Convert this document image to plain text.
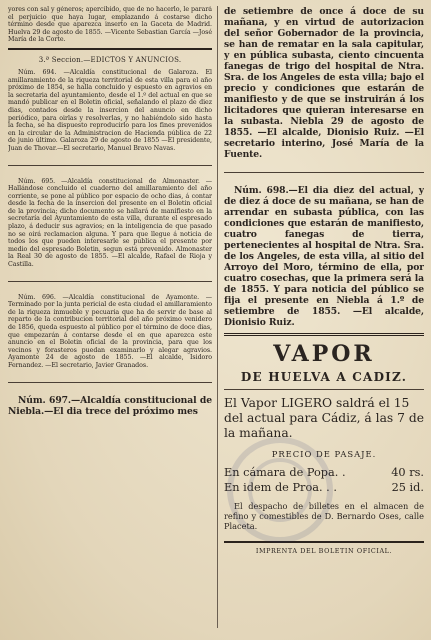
yores con sal y géneros; apercibido, que de no hacerlo, le parará el perjuicio que haya lugar, emplazando á costarse dicho término desde que aparezca inserto en la Gaceta de Madrid. Huelva 29 de agosto de 1855. —Vicente Sebastian García —José María de la Corte.

3.ª Seccion.—EDICTOS Y ANUNCIOS.

Núm. 694. —Alcaldía constitucional de Galaroza. El amillaramiento de la riqueza territorial de esta villa para el año próximo de 1854, se halla concluido y espuesto en agravios en la secretaria del ayuntamiento, desde el 1.º del actual en que se mandó publicar en el Boletin oficial, señalando el plazo de diez dias, contados desde la insercion del anuncio en dicho periódico, para oirlas y resolverlas, y no habiéndolo sido hasta la fecha, se ha dispuesto reproducirlo para los fines prevenidos en la circular de la Administracion de Hacienda pública de 22 de junio último. Galaroza 29 de agosto de 1855 —El presidente, Juan de Thovar.—El secretario, Manuel Bravo Navas.

Núm. 695. —Alcaldía constitucional de Almonaster. —Hallándose concluido el cuaderno del amillaramiento del año corriente, se pone al público por espacio de ocho dias, á contar desde la fecha de la insercion del presente en el Boletin oficial de la provincia; dicho documento se hallará de manifiesto en la secretaría del Ayuntamiento de esta villa, durante el espresado plazo, á deducir sus agravios; en la inteligencia de que pasado no se oirá reclamacion alguna. Y para que llegue á noticia de todos los que pueden interesarle se publica el presente por medio del espresado Boletin, segun está prevenido. Almonaster la Real 30 de agosto de 1855. —El alcalde, Rafael de Rioja y Castilla.

Núm. 696. —Alcaldía constitucional de Ayamonte. —Terminado por la junta pericial de esta ciudad el amillaramiento de la riqueza inmueble y pecuaria que ha de servir de base al reparto de la contribucion territorial del año próximo venidero de 1856, queda espuesto al público por el término de doce dias, que empezarán á contarse desde el en que aparezca este anuncio en el Boletin oficial de la provincia, para que los vecinos y forasteros puedan examinarlo y alegar agravios. Ayamonte 24 de agosto de 1855. —El alcalde, Isidoro Fernandez. —El secretario, Javier Granados.

Núm. 697.—Alcaldía constitucional de Niebla.—El dia trece del próximo mes

de setiembre de once á doce de su mañana, y en virtud de autorizacion del señor Gobernador de la provincia, se han de rematar en la sala capitular, y en pública subasta, ciento cincuenta fanegas de trigo del hospital de Ntra. Sra. de los Angeles de esta villa; bajo el precio y condiciones que estarán de manifiesto y de que se instruirán á los licitadores que quieran interesarse en la subasta. Niebla 29 de agosto de 1855. —El alcalde, Dionisio Ruiz. —El secretario interino, José María de la Fuente.

Núm. 698.—El dia diez del actual, y de diez á doce de su mañana, se han de arrendar en subasta pública, con las condiciones que estarán de manifiesto, cuatro fanegas de tierra, pertenecientes al hospital de Ntra. Sra. de los Angeles, de esta villa, al sitio del Arroyo del Moro, término de ella, por cuatro cosechas, que la primera será la de 1855. Y para noticia del público se fija el presente en Niebla á 1.º de setiembre de 1855. —El alcalde, Dionisio Ruiz.

VAPOR
DE HUELVA A CADIZ.

El Vapor LIGERO saldrá el 15 del actual para Cádiz, á las 7 de la mañana.

PRECIO DE PASAJE.
En cámara de Popa. .	40 rs.
En idem de Proa. . .	25 id.

El despacho de billetes en el almacen de refino y comestibles de D. Bernardo Oses, calle Placeta.

IMPRENTA DEL BOLETIN OFICIAL.
